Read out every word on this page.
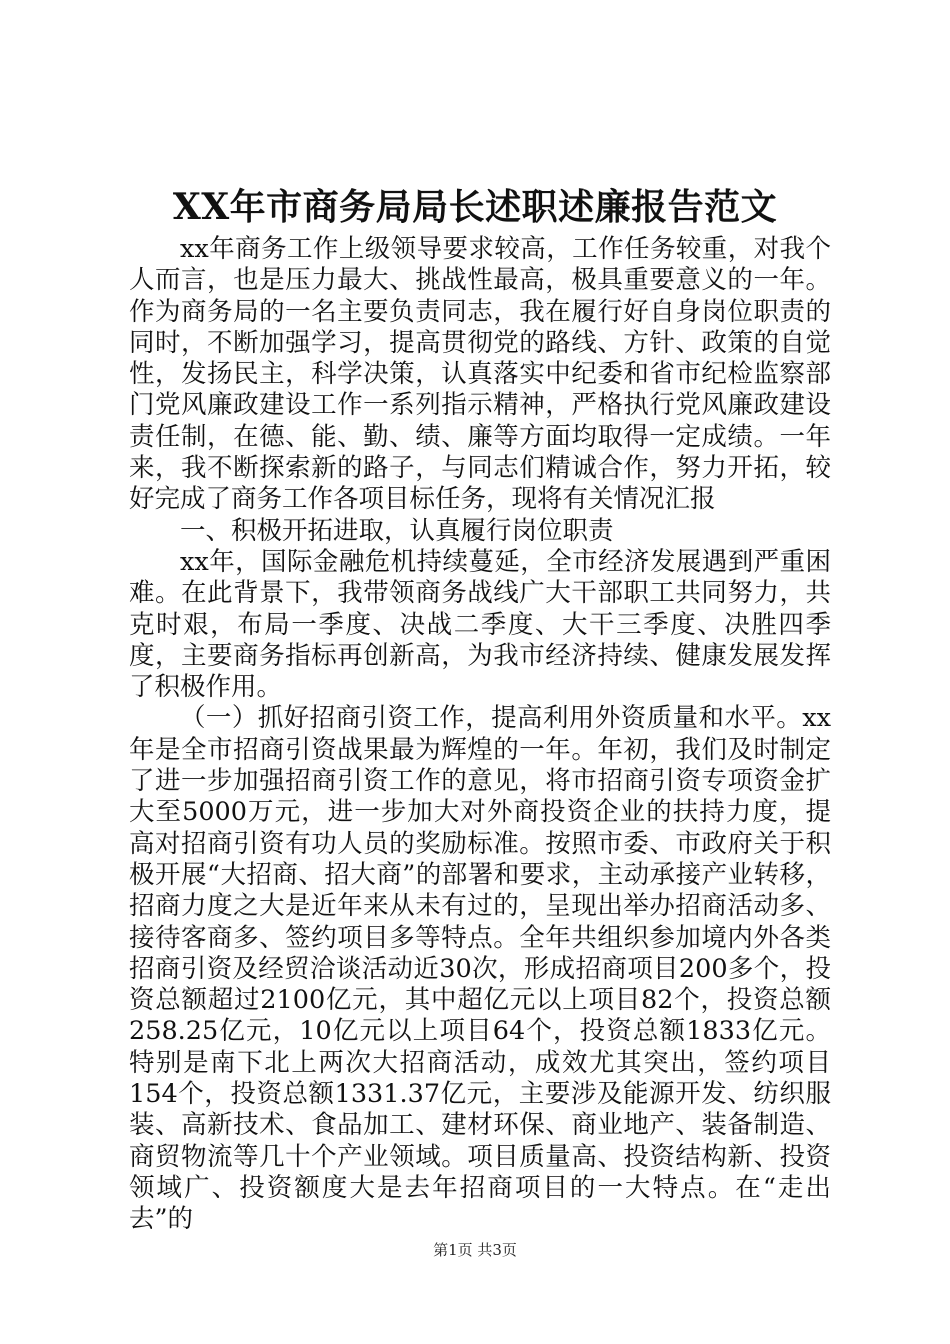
XX年市商务局局长述职述廉报告范文

xx年商务工作上级领导要求较高，工作任务较重，对我个人而言，也是压力最大、挑战性最高，极具重要意义的一年。作为商务局的一名主要负责同志，我在履行好自身岗位职责的同时，不断加强学习，提高贯彻党的路线、方针、政策的自觉性，发扬民主，科学决策，认真落实中纪委和省市纪检监察部门党风廉政建设工作一系列指示精神，严格执行党风廉政建设责任制，在德、能、勤、绩、廉等方面均取得一定成绩。一年来，我不断探索新的路子，与同志们精诚合作，努力开拓，较好完成了商务工作各项目标任务，现将有关情况汇报

一、积极开拓进取，认真履行岗位职责

xx年，国际金融危机持续蔓延，全市经济发展遇到严重困难。在此背景下，我带领商务战线广大干部职工共同努力，共克时艰，布局一季度、决战二季度、大干三季度、决胜四季度，主要商务指标再创新高，为我市经济持续、健康发展发挥了积极作用。

（一）抓好招商引资工作，提高利用外资质量和水平。xx年是全市招商引资战果最为辉煌的一年。年初，我们及时制定了进一步加强招商引资工作的意见，将市招商引资专项资金扩大至5000万元，进一步加大对外商投资企业的扶持力度，提高对招商引资有功人员的奖励标准。按照市委、市政府关于积极开展“大招商、招大商”的部署和要求，主动承接产业转移，招商力度之大是近年来从未有过的，呈现出举办招商活动多、接待客商多、签约项目多等特点。全年共组织参加境内外各类招商引资及经贸洽谈活动近30次，形成招商项目200多个，投资总额超过2100亿元，其中超亿元以上项目82个，投资总额258.25亿元，10亿元以上项目64个，投资总额1833亿元。特别是南下北上两次大招商活动，成效尤其突出，签约项目154个，投资总额1331.37亿元，主要涉及能源开发、纺织服装、高新技术、食品加工、建材环保、商业地产、装备制造、商贸物流等几十个产业领域。项目质量高、投资结构新、投资领域广、投资额度大是去年招商项目的一大特点。在“走出去”的

第1页 共3页
